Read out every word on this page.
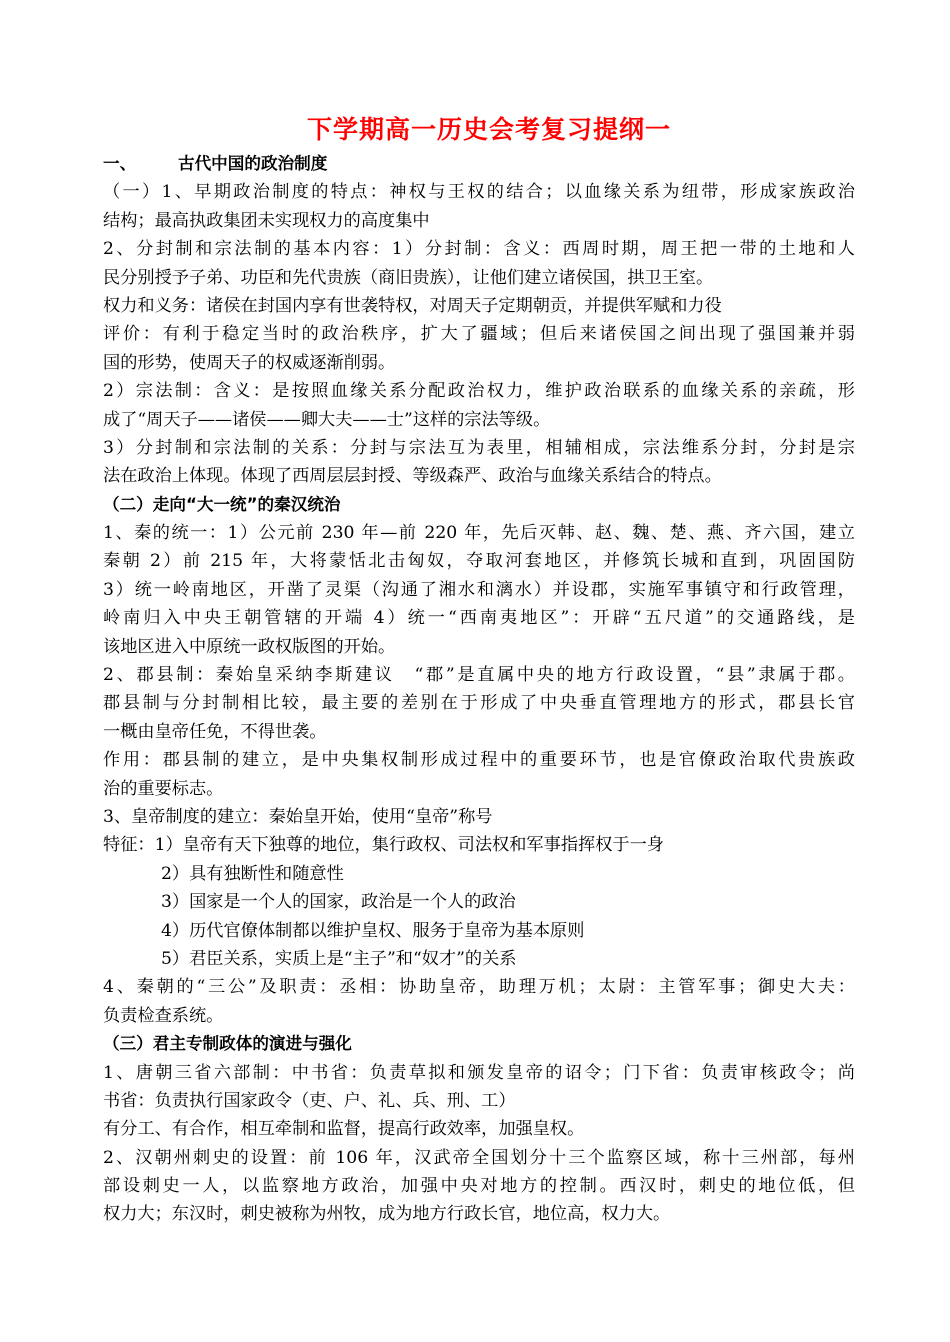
下学期高一历史会考复习提纲一
一、	古代中国的政治制度
（一）1、早期政治制度的特点：神权与王权的结合；以血缘关系为纽带，形成家族政治
结构；最高执政集团未实现权力的高度集中
2、分封制和宗法制的基本内容：1）分封制：含义：西周时期，周王把一带的土地和人
民分别授予子弟、功臣和先代贵族（商旧贵族），让他们建立诸侯国，拱卫王室。
权力和义务：诸侯在封国内享有世袭特权，对周天子定期朝贡，并提供军赋和力役
评价：有利于稳定当时的政治秩序，扩大了疆域；但后来诸侯国之间出现了强国兼并弱
国的形势，使周天子的权威逐渐削弱。
2）宗法制：含义：是按照血缘关系分配政治权力，维护政治联系的血缘关系的亲疏，形
成了“周天子——诸侯——卿大夫——士”这样的宗法等级。
3）分封制和宗法制的关系：分封与宗法互为表里，相辅相成，宗法维系分封，分封是宗
法在政治上体现。体现了西周层层封授、等级森严、政治与血缘关系结合的特点。
（二）走向“大一统”的秦汉统治
1、秦的统一：1）公元前 230 年—前 220 年，先后灭韩、赵、魏、楚、燕、齐六国，建立
秦朝 2）前 215 年，大将蒙恬北击匈奴，夺取河套地区，并修筑长城和直到，巩固国防
3）统一岭南地区，开凿了灵渠（沟通了湘水和漓水）并设郡，实施军事镇守和行政管理，
岭南归入中央王朝管辖的开端 4）统一“西南夷地区”：开辟“五尺道”的交通路线，是
该地区进入中原统一政权版图的开始。
2、郡县制：秦始皇采纳李斯建议　“郡”是直属中央的地方行政设置，“县”隶属于郡。
郡县制与分封制相比较，最主要的差别在于形成了中央垂直管理地方的形式，郡县长官
一概由皇帝任免，不得世袭。
作用：郡县制的建立，是中央集权制形成过程中的重要环节，也是官僚政治取代贵族政
治的重要标志。
3、皇帝制度的建立：秦始皇开始，使用“皇帝”称号
特征：1）皇帝有天下独尊的地位，集行政权、司法权和军事指挥权于一身
2）具有独断性和随意性
3）国家是一个人的国家，政治是一个人的政治
4）历代官僚体制都以维护皇权、服务于皇帝为基本原则
5）君臣关系，实质上是“主子”和“奴才”的关系
4、秦朝的“三公”及职责：丞相：协助皇帝，助理万机；太尉：主管军事；御史大夫：
负责检查系统。
（三）君主专制政体的演进与强化
1、唐朝三省六部制：中书省：负责草拟和颁发皇帝的诏令；门下省：负责审核政令；尚
书省：负责执行国家政令（吏、户、礼、兵、刑、工）
有分工、有合作，相互牵制和监督，提高行政效率，加强皇权。
2、汉朝州刺史的设置：前 106 年，汉武帝全国划分十三个监察区域，称十三州部，每州
部设刺史一人，以监察地方政治，加强中央对地方的控制。西汉时，刺史的地位低，但
权力大；东汉时，刺史被称为州牧，成为地方行政长官，地位高，权力大。
